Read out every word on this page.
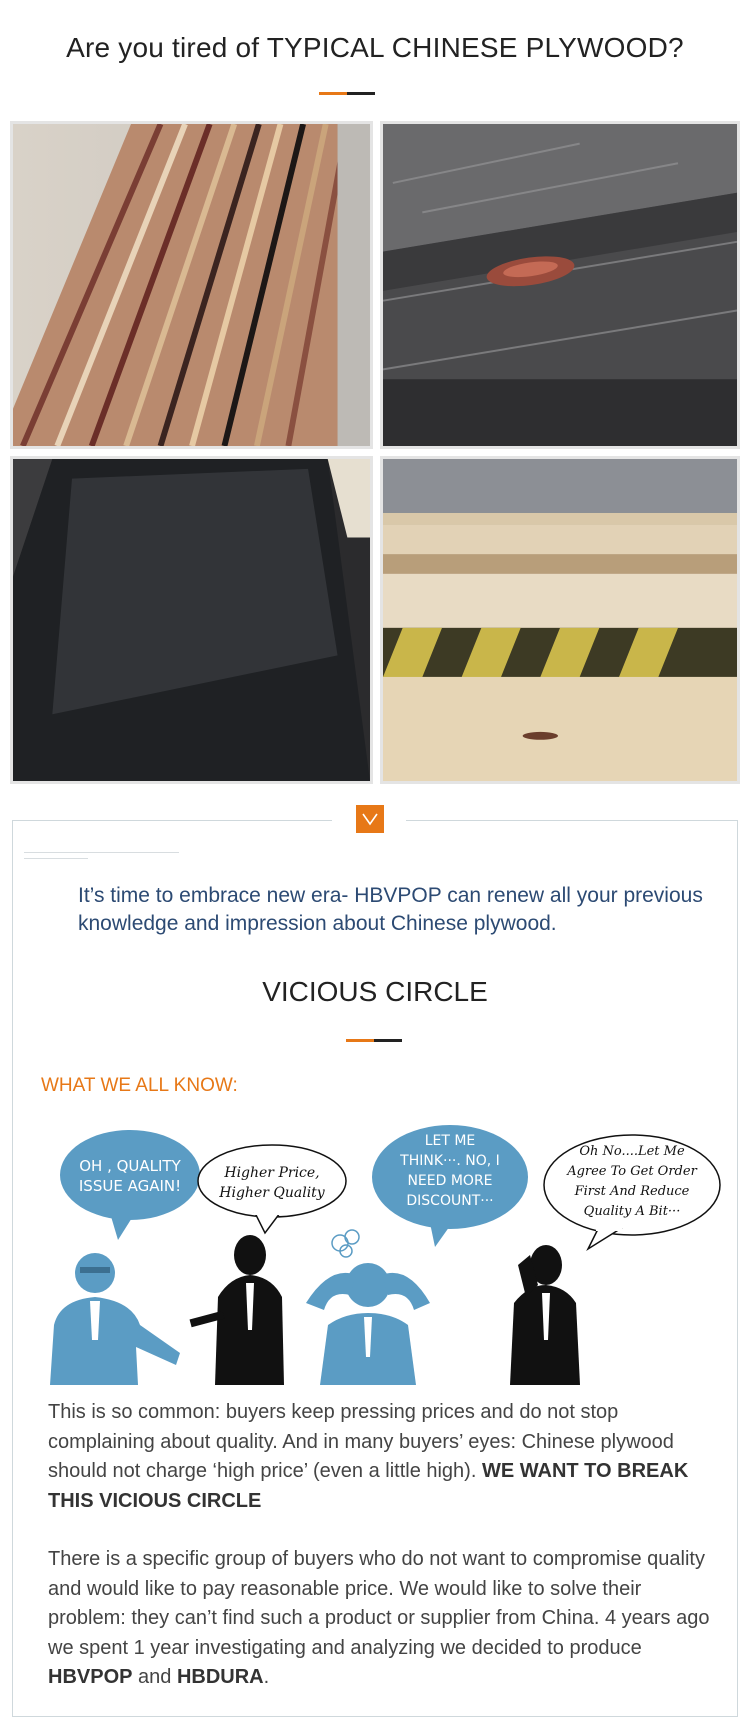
Are you tired of TYPICAL CHINESE PLYWOOD?
It’s time to embrace new era- HBVPOP can renew all your previous knowledge and impression about Chinese plywood.
VICIOUS CIRCLE
WHAT WE ALL KNOW:
OH , QUALITY
ISSUE AGAIN!
Higher Price,
Higher Quality
LET ME
THINK···. NO, I
NEED MORE
DISCOUNT···
Oh No....Let Me
Agree To Get Order
First And Reduce
Quality A Bit···
This is so common: buyers keep pressing prices and do not stop complaining about quality. And in many buyers’ eyes: Chinese plywood should not charge ‘high price’ (even a little high). WE WANT TO BREAK THIS VICIOUS CIRCLE
There is a specific group of buyers who do not want to compromise quality and would like to pay reasonable price. We would like to solve their problem: they can’t find such a product or supplier from China. 4 years ago we spent 1 year investigating and analyzing we decided to produce HBVPOP and HBDURA.
